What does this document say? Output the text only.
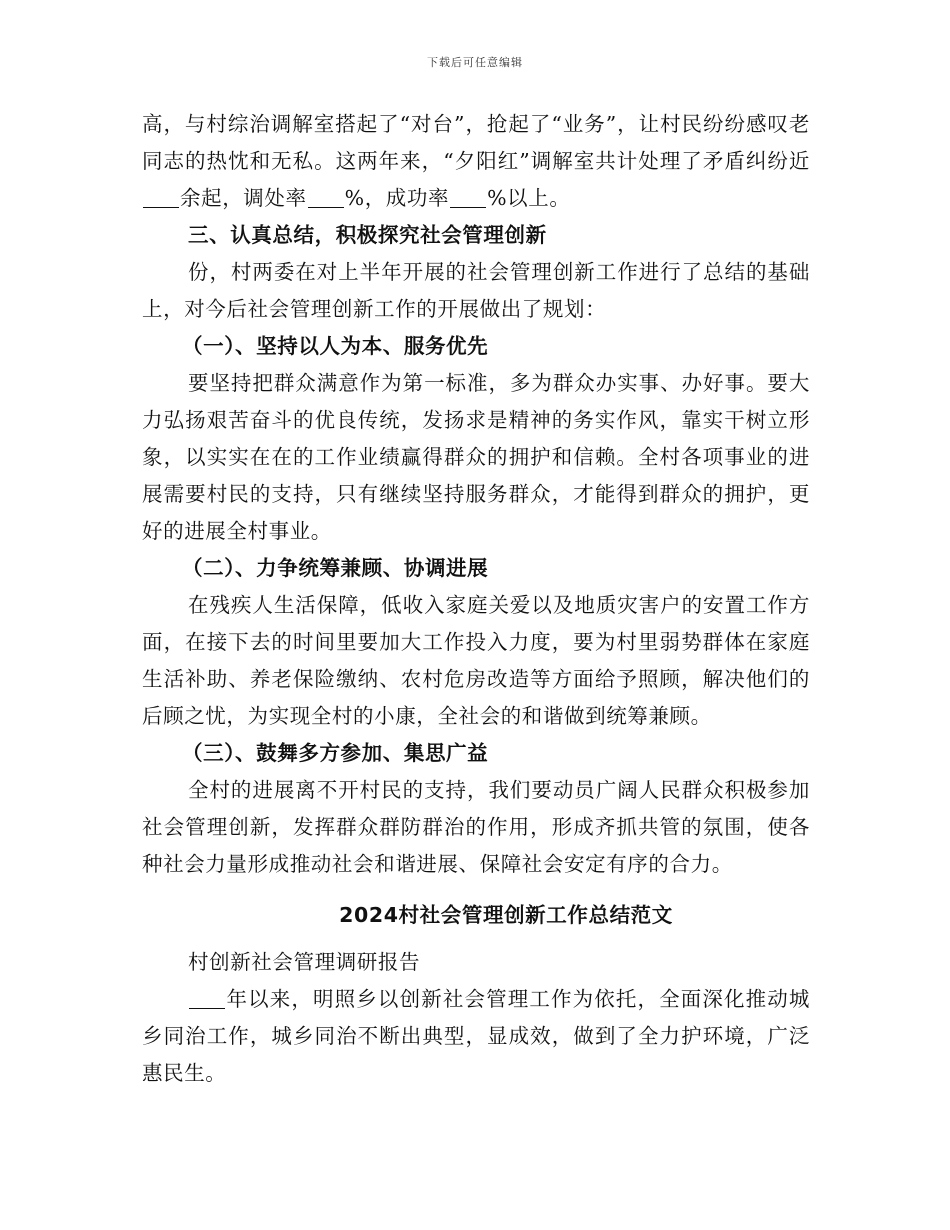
下载后可任意编辑

高，与村综治调解室搭起了“对台”，抢起了“业务”，让村民纷纷感叹老同志的热忱和无私。这两年来，“夕阳红”调解室共计处理了矛盾纠纷近余起，调处率 %，成功率 %以上。

三、认真总结，积极探究社会管理创新

份，村两委在对上半年开展的社会管理创新工作进行了总结的基础上，对今后社会管理创新工作的开展做出了规划：

（一）、坚持以人为本、服务优先

要坚持把群众满意作为第一标准，多为群众办实事、办好事。要大力弘扬艰苦奋斗的优良传统，发扬求是精神的务实作风，靠实干树立形象，以实实在在的工作业绩赢得群众的拥护和信赖。全村各项事业的进展需要村民的支持，只有继续坚持服务群众，才能得到群众的拥护，更好的进展全村事业。

（二）、力争统筹兼顾、协调进展

在残疾人生活保障，低收入家庭关爱以及地质灾害户的安置工作方面，在接下去的时间里要加大工作投入力度，要为村里弱势群体在家庭生活补助、养老保险缴纳、农村危房改造等方面给予照顾，解决他们的后顾之忧，为实现全村的小康，全社会的和谐做到统筹兼顾。

（三）、鼓舞多方参加、集思广益

全村的进展离不开村民的支持，我们要动员广阔人民群众积极参加社会管理创新，发挥群众群防群治的作用，形成齐抓共管的氛围，使各种社会力量形成推动社会和谐进展、保障社会安定有序的合力。

2024村社会管理创新工作总结范文

村创新社会管理调研报告

年以来，明照乡以创新社会管理工作为依托，全面深化推动城乡同治工作，城乡同治不断出典型，显成效，做到了全力护环境，广泛惠民生。
